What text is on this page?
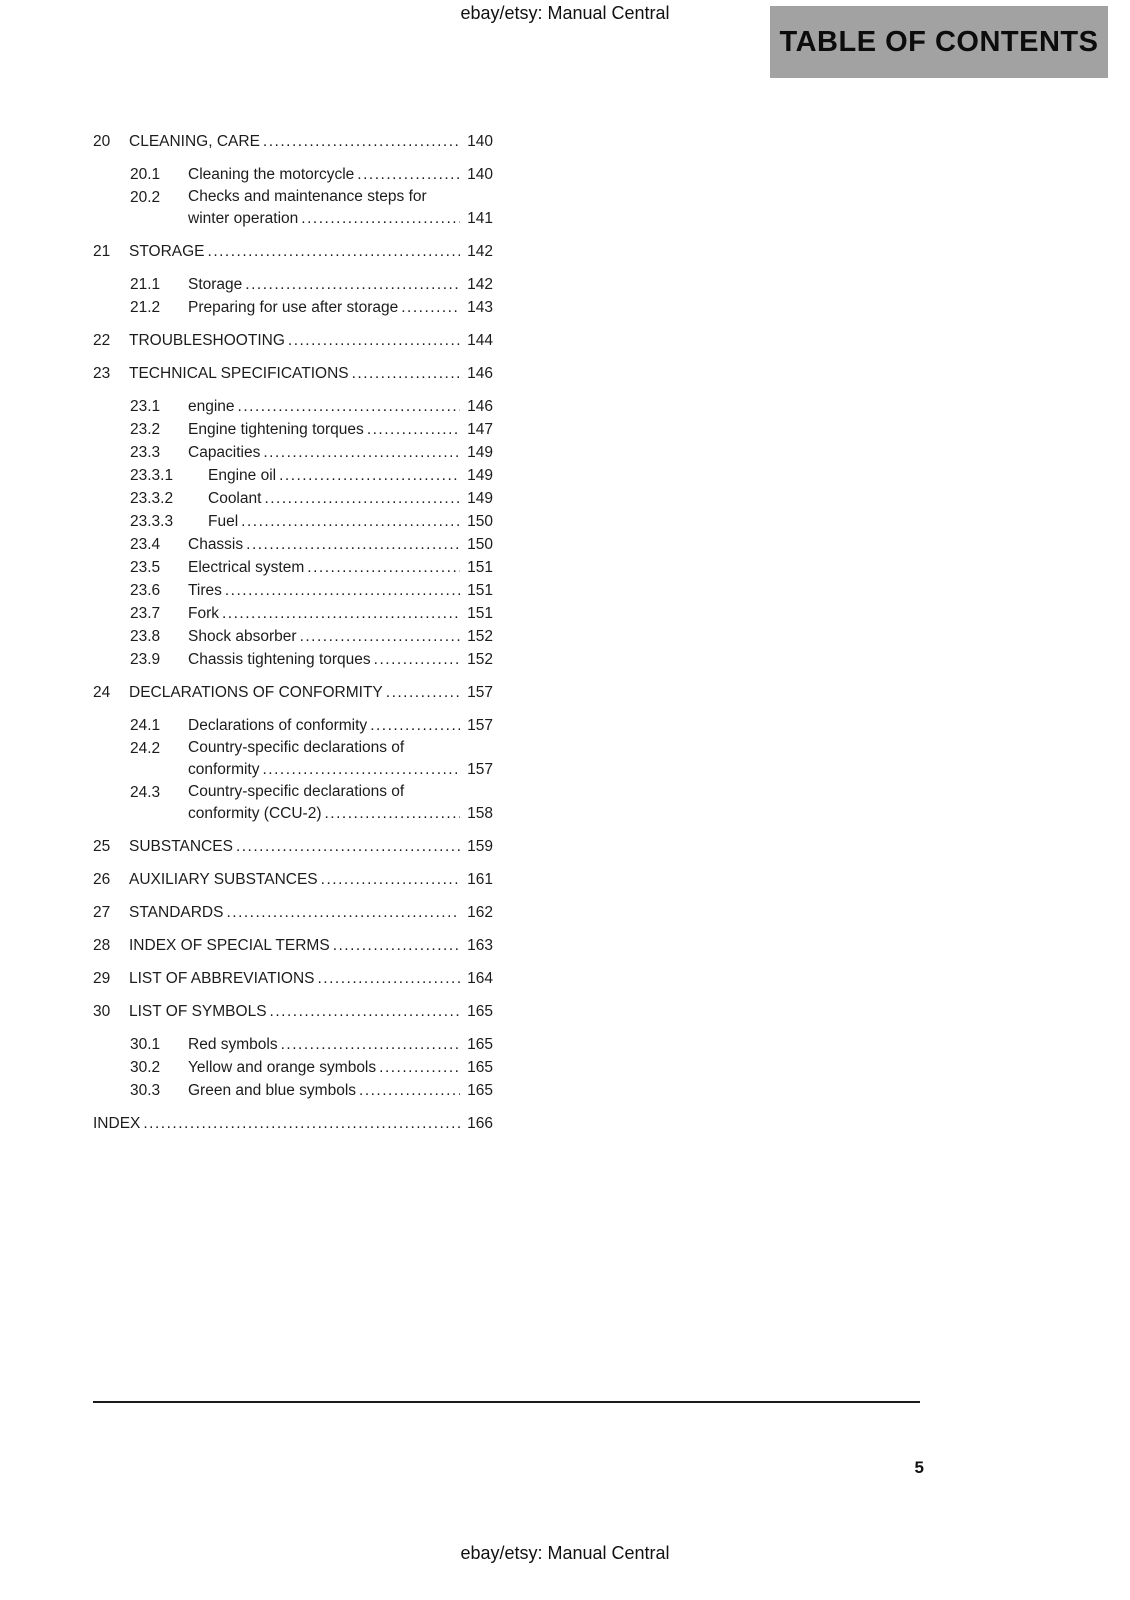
ebay/etsy: Manual Central
TABLE OF CONTENTS
20	CLEANING, CARE .....	140
20.1	Cleaning the motorcycle .....	140
20.2	Checks and maintenance steps for
winter operation .....	141
21	STORAGE .....	142
21.1	Storage .....	142
21.2	Preparing for use after storage .....	143
22	TROUBLESHOOTING .....	144
23	TECHNICAL SPECIFICATIONS .....	146
23.1	engine .....	146
23.2	Engine tightening torques .....	147
23.3	Capacities .....	149
23.3.1	Engine oil .....	149
23.3.2	Coolant .....	149
23.3.3	Fuel .....	150
23.4	Chassis .....	150
23.5	Electrical system .....	151
23.6	Tires .....	151
23.7	Fork .....	151
23.8	Shock absorber .....	152
23.9	Chassis tightening torques .....	152
24	DECLARATIONS OF CONFORMITY .....	157
24.1	Declarations of conformity .....	157
24.2	Country-specific declarations of
conformity .....	157
24.3	Country-specific declarations of
conformity (CCU-2) .....	158
25	SUBSTANCES .....	159
26	AUXILIARY SUBSTANCES .....	161
27	STANDARDS .....	162
28	INDEX OF SPECIAL TERMS .....	163
29	LIST OF ABBREVIATIONS .....	164
30	LIST OF SYMBOLS .....	165
30.1	Red symbols .....	165
30.2	Yellow and orange symbols .....	165
30.3	Green and blue symbols .....	165
INDEX .....	166
5
ebay/etsy: Manual Central
